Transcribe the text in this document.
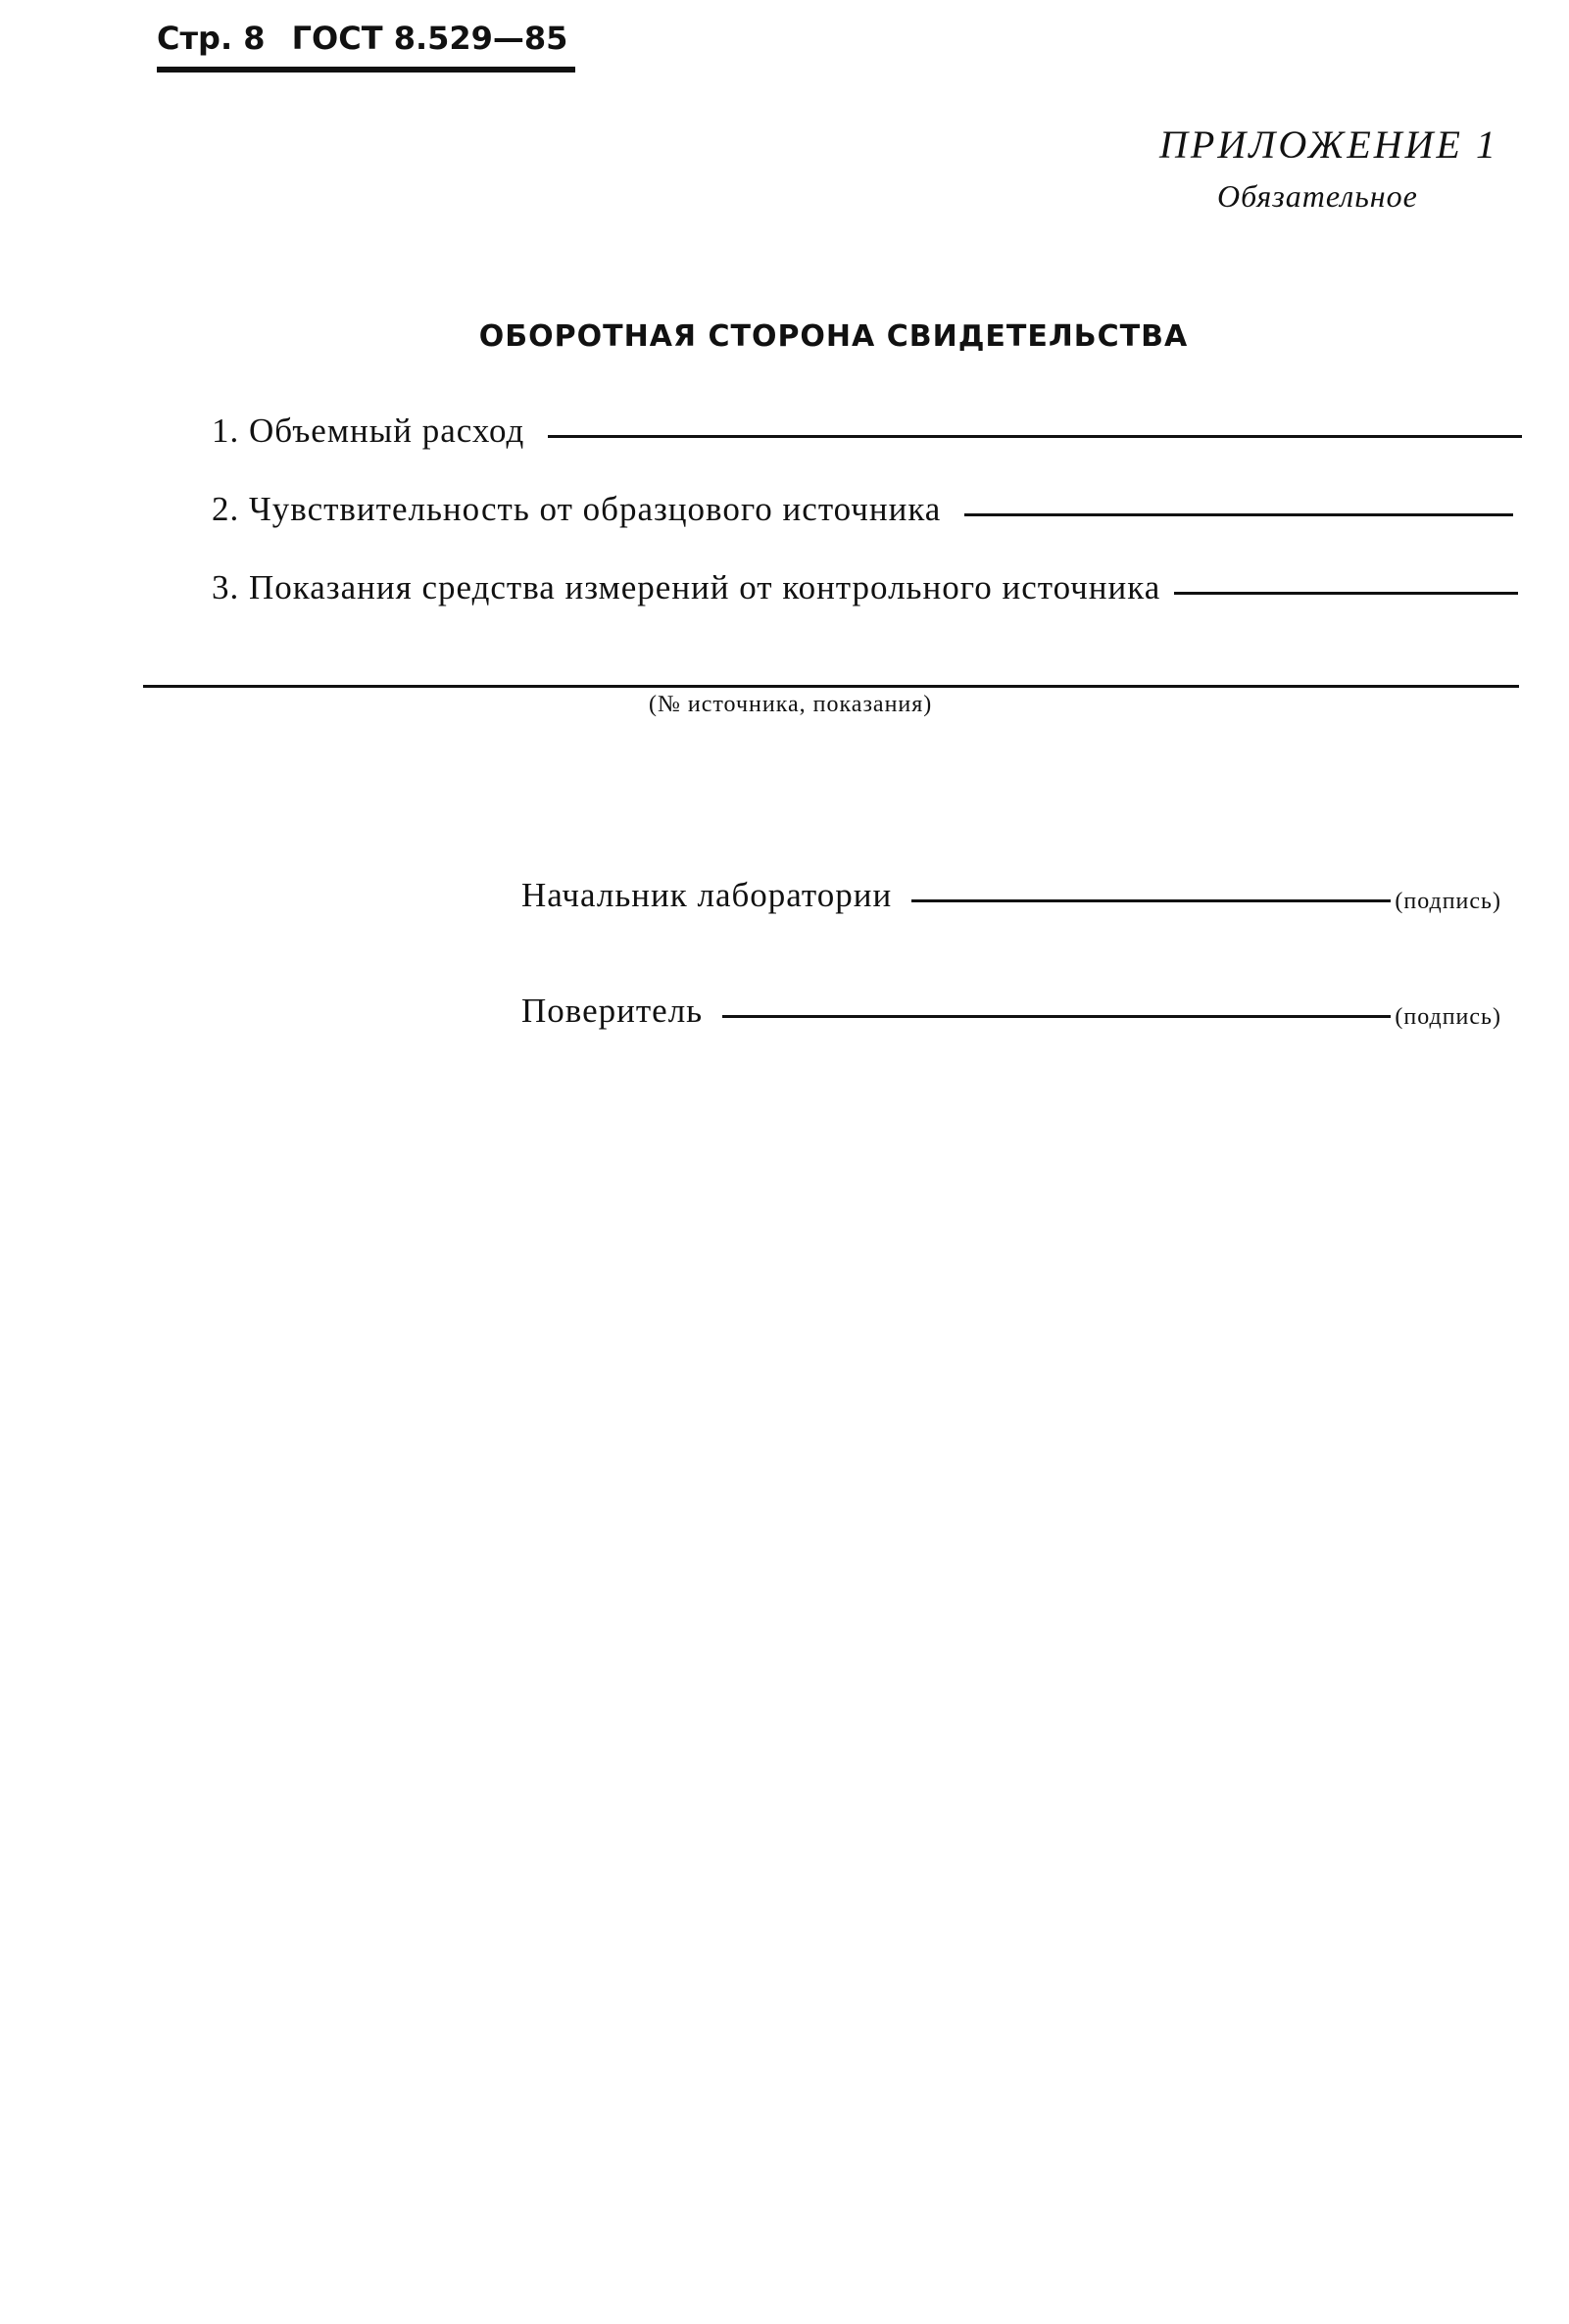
Стр. 8 ГОСТ 8.529—85
ПРИЛОЖЕНИЕ 1
Обязательное
ОБОРОТНАЯ СТОРОНА СВИДЕТЕЛЬСТВА
1. Объемный расход
2. Чувствительность от образцового источника
3. Показания средства измерений от контрольного источника
(№ источника, показания)
Начальник лаборатории	(подпись)
Поверитель	(подпись)
